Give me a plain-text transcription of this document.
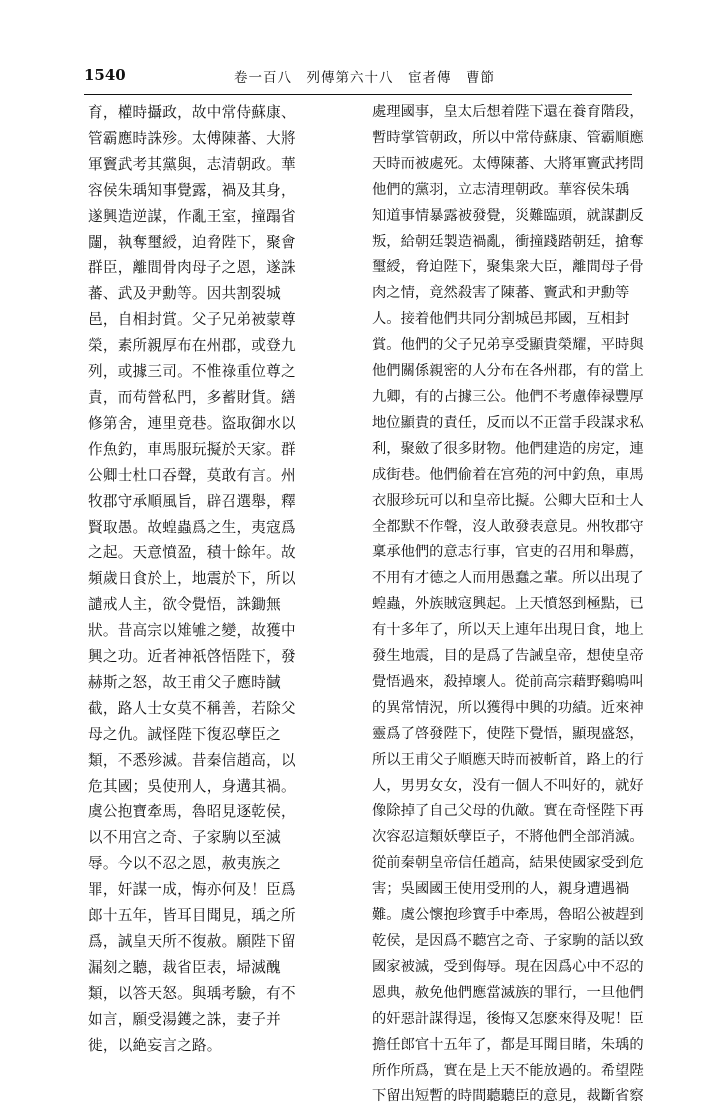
1540	卷一百八　列傳第六十八　宦者傳　曹節
育，權時攝政，故中常侍蘇康、
管霸應時誅殄。太傅陳蕃、大將
軍竇武考其黨與，志清朝政。華
容侯朱瑀知事覺露，禍及其身，
遂興造逆謀，作亂王室，撞蹋省
闥，執奪璽綬，迫脅陛下，聚會
群臣，離間骨肉母子之恩，遂誅
蕃、武及尹勳等。因共割裂城
邑，自相封賞。父子兄弟被蒙尊
榮，素所親厚布在州郡，或登九
列，或據三司。不惟祿重位尊之
責，而苟營私門，多蓄財貨。繕
修第舍，連里竟巷。盜取御水以
作魚釣，車馬服玩擬於天家。群
公卿士杜口吞聲，莫敢有言。州
牧郡守承順風旨，辟召選舉，釋
賢取愚。故蝗蟲爲之生，夷寇爲
之起。天意憤盈，積十餘年。故
頻歲日食於上，地震於下，所以
譴戒人主，欲令覺悟，誅鋤無
狀。昔高宗以雉雊之變，故獲中
興之功。近者神祇啓悟陛下，發
赫斯之怒，故王甫父子應時馘
截，路人士女莫不稱善，若除父
母之仇。誠怪陛下復忍孽臣之
類，不悉殄滅。昔秦信趙高，以
危其國；吳使刑人，身遘其禍。
虞公抱寶牽馬，魯昭見逐乾侯，
以不用宫之奇、子家駒以至滅
辱。今以不忍之恩，赦夷族之
罪，奸謀一成，悔亦何及！臣爲
郎十五年，皆耳目聞見，瑀之所
爲，誠皇天所不復赦。願陛下留
漏刻之聽，裁省臣表，埽滅醜
類，以答天怒。與瑀考驗，有不
如言，願受湯鑊之誅，妻子并
徙，以絶妄言之路。
處理國事，皇太后想着陛下還在養育階段，
暫時掌管朝政，所以中常侍蘇康、管霸順應
天時而被處死。太傅陳蕃、大將軍竇武拷問
他們的黨羽，立志清理朝政。華容侯朱瑀
知道事情暴露被發覺，災難臨頭，就謀劃反
叛，給朝廷製造禍亂，衝撞踐踏朝廷，搶奪
璽綬，脅迫陛下，聚集衆大臣，離間母子骨
肉之情，竟然殺害了陳蕃、竇武和尹勳等
人。接着他們共同分割城邑邦國，互相封
賞。他們的父子兄弟享受顯貴榮耀，平時與
他們關係親密的人分布在各州郡，有的當上
九卿，有的占據三公。他們不考慮俸禄豐厚
地位顯貴的責任，反而以不正當手段謀求私
利，聚斂了很多財物。他們建造的房定，連
成街巷。他們偷着在宫苑的河中釣魚，車馬
衣服珍玩可以和皇帝比擬。公卿大臣和士人
全都默不作聲，沒人敢發表意見。州牧郡守
稟承他們的意志行事，官吏的召用和舉薦，
不用有才德之人而用愚蠢之輩。所以出現了
蝗蟲，外族賊寇興起。上天憤怒到極點，已
有十多年了，所以天上連年出現日食，地上
發生地震，目的是爲了告誡皇帝，想使皇帝
覺悟過來，殺掉壞人。從前高宗藉野鷄鳴叫
的異常情況，所以獲得中興的功績。近來神
靈爲了啓發陛下，使陛下覺悟，顯現盛怒，
所以王甫父子順應天時而被斬首，路上的行
人，男男女女，没有一個人不叫好的，就好
像除掉了自己父母的仇敵。實在奇怪陛下再
次容忍這類妖孽臣子，不將他們全部消滅。
從前秦朝皇帝信任趙高，結果使國家受到危
害；吳國國王使用受刑的人，親身遭遇禍
難。虞公懷抱珍寶手中牽馬，魯昭公被趕到
乾侯，是因爲不聽宫之奇、子家駒的話以致
國家被滅，受到侮辱。現在因爲心中不忍的
恩典，赦免他們應當滅族的罪行，一旦他們
的奸惡計謀得逞，後悔又怎麽來得及呢！臣
擔任郎官十五年了，都是耳聞目睹，朱瑀的
所作所爲，實在是上天不能放過的。希望陛
下留出短暫的時間聽聽臣的意見，裁斷省察
